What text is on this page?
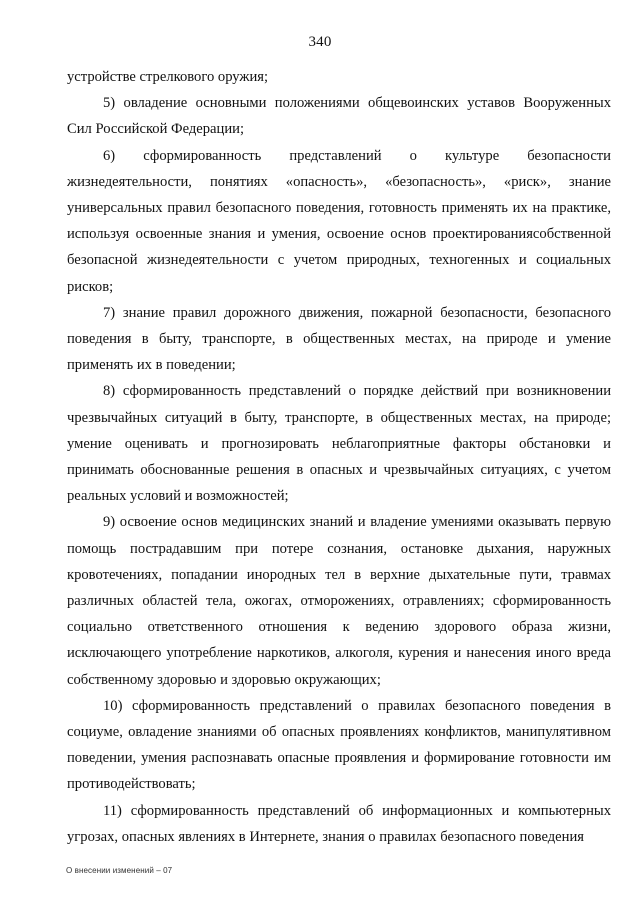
340

устройстве стрелкового оружия;

5) овладение основными положениями общевоинских уставов Вооруженных Сил Российской Федерации;

6) сформированность представлений о культуре безопасности жизнедеятельности, понятиях «опасность», «безопасность», «риск», знание универсальных правил безопасного поведения, готовность применять их на практике, используя освоенные знания и умения, освоение основ проектированиясобственной безопасной жизнедеятельности с учетом природных, техногенных и социальных рисков;

7) знание правил дорожного движения, пожарной безопасности, безопасного поведения в быту, транспорте, в общественных местах, на природе и умение применять их в поведении;

8) сформированность представлений о порядке действий при возникновении чрезвычайных ситуаций в быту, транспорте, в общественных местах, на природе; умение оценивать и прогнозировать неблагоприятные факторы обстановки и принимать обоснованные решения в опасных и чрезвычайных ситуациях, с учетом реальных условий и возможностей;

9) освоение основ медицинских знаний и владение умениями оказывать первую помощь пострадавшим при потере сознания, остановке дыхания, наружных кровотечениях, попадании инородных тел в верхние дыхательные пути, травмах различных областей тела, ожогах, отморожениях, отравлениях; сформированность социально ответственного отношения к ведению здорового образа жизни, исключающего употребление наркотиков, алкоголя, курения и нанесения иного вреда собственному здоровью и здоровью окружающих;

10) сформированность представлений о правилах безопасного поведения в социуме, овладение знаниями об опасных проявлениях конфликтов, манипулятивном поведении, умения распознавать опасные проявления и формирование готовности им противодействовать;

11) сформированность представлений об информационных и компьютерных угрозах, опасных явлениях в Интернете, знания о правилах безопасного поведения

О внесении изменений – 07
